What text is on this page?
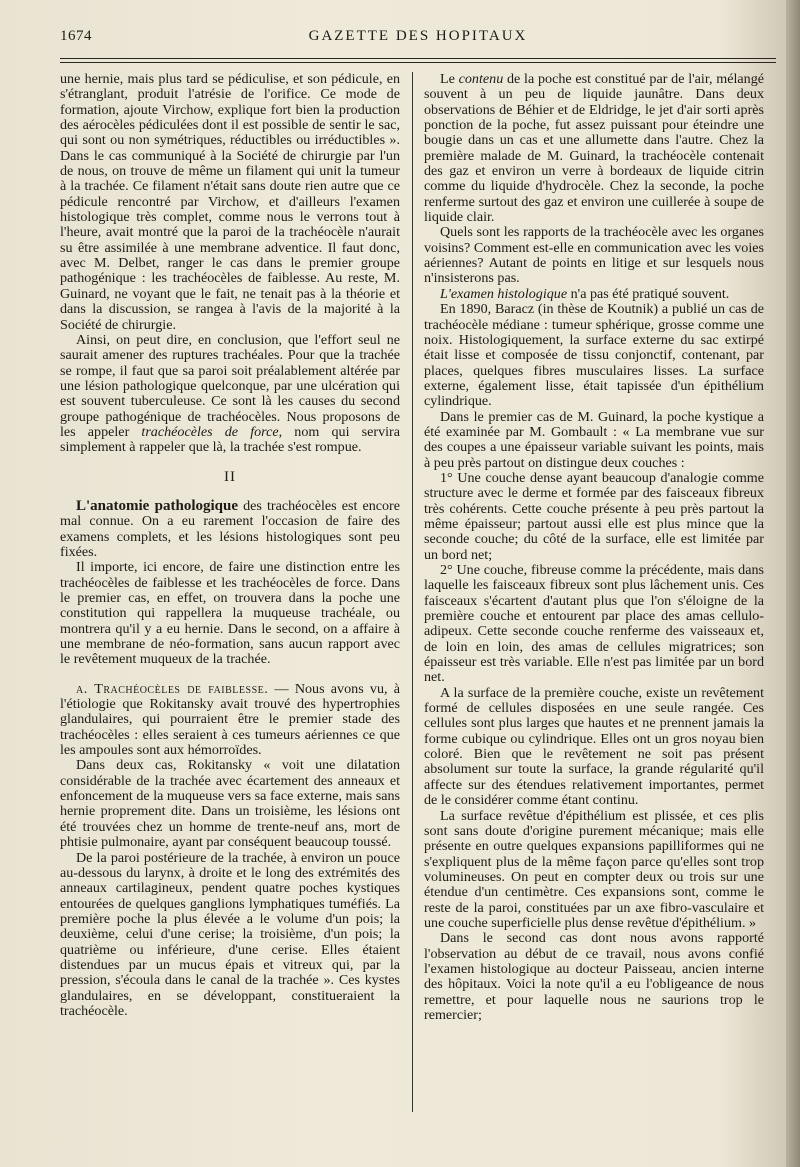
1674	GAZETTE DES HOPITAUX

une hernie, mais plus tard se pédiculise, et son pédicule, en s'étranglant, produit l'atrésie de l'orifice. Ce mode de formation, ajoute Virchow, explique fort bien la production des aérocèles pédiculées dont il est possible de sentir le sac, qui sont ou non symétriques, réductibles ou irréductibles ». Dans le cas communiqué à la Société de chirurgie par l'un de nous, on trouve de même un filament qui unit la tumeur à la trachée. Ce filament n'était sans doute rien autre que ce pédicule rencontré par Virchow, et d'ailleurs l'examen histologique très complet, comme nous le verrons tout à l'heure, avait montré que la paroi de la trachéocèle n'aurait su être assimilée à une membrane adventice. Il faut donc, avec M. Delbet, ranger le cas dans le premier groupe pathogénique : les trachéocèles de faiblesse. Au reste, M. Guinard, ne voyant que le fait, ne tenait pas à la théorie et dans la discussion, se rangea à l'avis de la majorité à la Société de chirurgie.

Ainsi, on peut dire, en conclusion, que l'effort seul ne saurait amener des ruptures trachéales. Pour que la trachée se rompe, il faut que sa paroi soit préalablement altérée par une lésion pathologique quelconque, par une ulcération qui est souvent tuberculeuse. Ce sont là les causes du second groupe pathogénique de trachéocèles. Nous proposons de les appeler trachéocèles de force, nom qui servira simplement à rappeler que là, la trachée s'est rompue.

II

L'anatomie pathologique des trachéocèles est encore mal connue. On a eu rarement l'occasion de faire des examens complets, et les lésions histologiques sont peu fixées.

Il importe, ici encore, de faire une distinction entre les trachéocèles de faiblesse et les trachéocèles de force. Dans le premier cas, en effet, on trouvera dans la poche une constitution qui rappellera la muqueuse trachéale, ou montrera qu'il y a eu hernie. Dans le second, on a affaire à une membrane de néo-formation, sans aucun rapport avec le revêtement muqueux de la trachée.

a. Trachéocèles de faiblesse. — Nous avons vu, à l'étiologie que Rokitansky avait trouvé des hypertrophies glandulaires, qui pourraient être le premier stade des trachéocèles : elles seraient à ces tumeurs aériennes ce que les ampoules sont aux hémorroïdes.

Dans deux cas, Rokitansky « voit une dilatation considérable de la trachée avec écartement des anneaux et enfoncement de la muqueuse vers sa face externe, mais sans hernie proprement dite. Dans un troisième, les lésions ont été trouvées chez un homme de trente-neuf ans, mort de phtisie pulmonaire, ayant par conséquent beaucoup toussé.

De la paroi postérieure de la trachée, à environ un pouce au-dessous du larynx, à droite et le long des extrémités des anneaux cartilagineux, pendent quatre poches kystiques entourées de quelques ganglions lymphatiques tuméfiés. La première poche la plus élevée a le volume d'un pois; la deuxième, celui d'une cerise; la troisième, d'un pois; la quatrième ou inférieure, d'une cerise. Elles étaient distendues par un mucus épais et vitreux qui, par la pression, s'écoula dans le canal de la trachée ». Ces kystes glandulaires, en se développant, constitueraient la trachéocèle.

Le contenu de la poche est constitué par de l'air, mélangé souvent à un peu de liquide jaunâtre. Dans deux observations de Béhier et de Eldridge, le jet d'air sorti après ponction de la poche, fut assez puissant pour éteindre une bougie dans un cas et une allumette dans l'autre. Chez la première malade de M. Guinard, la trachéocèle contenait des gaz et environ un verre à bordeaux de liquide citrin comme du liquide d'hydrocèle. Chez la seconde, la poche renferme surtout des gaz et environ une cuillerée à soupe de liquide clair.

Quels sont les rapports de la trachéocèle avec les organes voisins? Comment est-elle en communication avec les voies aériennes? Autant de points en litige et sur lesquels nous n'insisterons pas.

L'examen histologique n'a pas été pratiqué souvent.

En 1890, Baracz (in thèse de Koutnik) a publié un cas de trachéocèle médiane : tumeur sphérique, grosse comme une noix. Histologiquement, la surface externe du sac extirpé était lisse et composée de tissu conjonctif, contenant, par places, quelques fibres musculaires lisses. La surface externe, également lisse, était tapissée d'un épithélium cylindrique.

Dans le premier cas de M. Guinard, la poche kystique a été examinée par M. Gombault : « La membrane vue sur des coupes a une épaisseur variable suivant les points, mais à peu près partout on distingue deux couches :

1° Une couche dense ayant beaucoup d'analogie comme structure avec le derme et formée par des faisceaux fibreux très cohérents. Cette couche présente à peu près partout la même épaisseur; partout aussi elle est plus mince que la seconde couche; du côté de la surface, elle est limitée par un bord net;

2° Une couche, fibreuse comme la précédente, mais dans laquelle les faisceaux fibreux sont plus lâchement unis. Ces faisceaux s'écartent d'autant plus que l'on s'éloigne de la première couche et entourent par place des amas cellulo-adipeux. Cette seconde couche renferme des vaisseaux et, de loin en loin, des amas de cellules migratrices; son épaisseur est très variable. Elle n'est pas limitée par un bord net.

A la surface de la première couche, existe un revêtement formé de cellules disposées en une seule rangée. Ces cellules sont plus larges que hautes et ne prennent jamais la forme cubique ou cylindrique. Elles ont un gros noyau bien coloré. Bien que le revêtement ne soit pas présent absolument sur toute la surface, la grande régularité qu'il affecte sur des étendues relativement importantes, permet de le considérer comme étant continu.

La surface revêtue d'épithélium est plissée, et ces plis sont sans doute d'origine purement mécanique; mais elle présente en outre quelques expansions papilliformes qui ne s'expliquent plus de la même façon parce qu'elles sont trop volumineuses. On peut en compter deux ou trois sur une étendue d'un centimètre. Ces expansions sont, comme le reste de la paroi, constituées par un axe fibro-vasculaire et une couche superficielle plus dense revêtue d'épithélium. »

Dans le second cas dont nous avons rapporté l'observation au début de ce travail, nous avons confié l'examen histologique au docteur Paisseau, ancien interne des hôpitaux. Voici la note qu'il a eu l'obligeance de nous remettre, et pour laquelle nous ne saurions trop le remercier;
